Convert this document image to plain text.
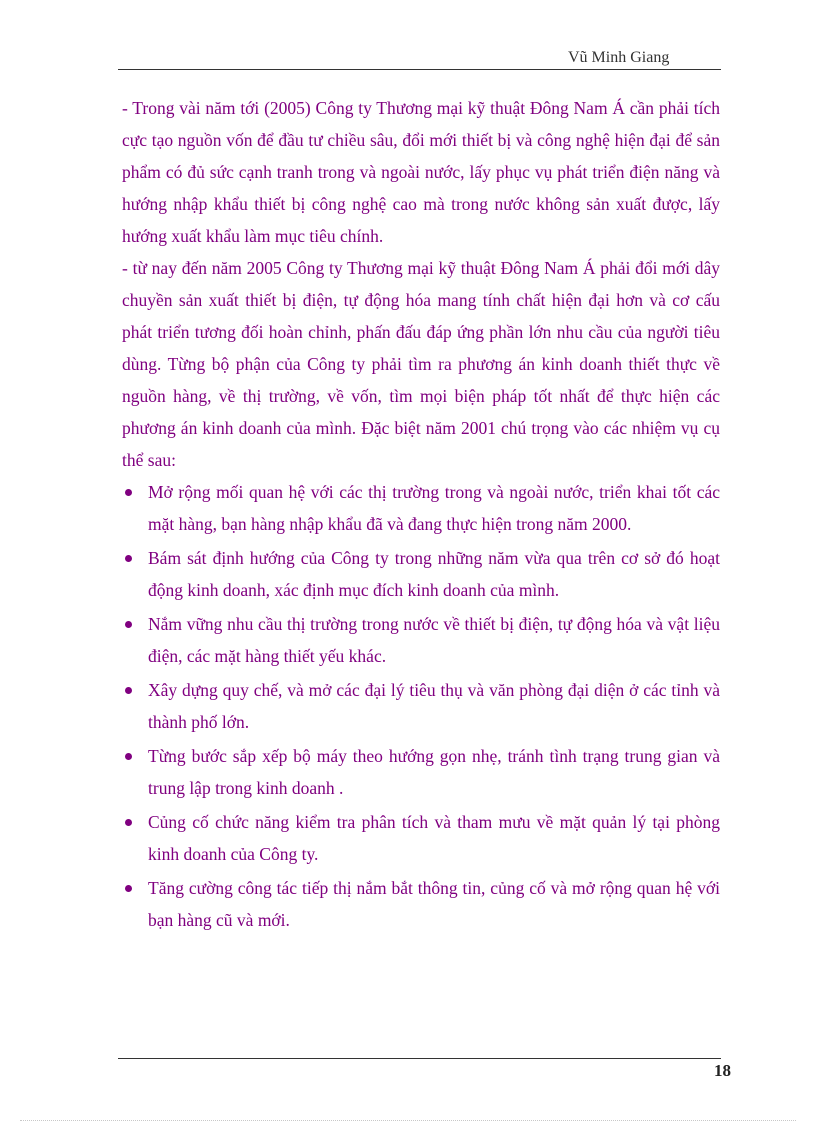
Vũ Minh Giang

- Trong vài năm tới (2005) Công ty Thương mại kỹ thuật Đông Nam Á cần phải tích cực tạo nguồn vốn để đầu tư chiều sâu, đổi mới thiết bị và công nghệ hiện đại để sản phẩm có đủ sức cạnh tranh trong và ngoài nước, lấy phục vụ phát triển điện năng và hướng nhập khẩu thiết bị công nghệ cao mà trong nước không sản xuất được, lấy hướng xuất khẩu làm mục tiêu chính.

- từ nay đến năm 2005 Công ty Thương mại kỹ thuật Đông Nam Á phải đổi mới dây chuyền sản xuất thiết bị điện, tự động hóa mang tính chất hiện đại hơn và cơ cấu phát triển tương đối hoàn chỉnh, phấn đấu đáp ứng phần lớn nhu cầu của người tiêu dùng. Từng bộ phận của Công ty phải tìm ra phương án kinh doanh thiết thực về nguồn hàng, về thị trường, về vốn, tìm mọi biện pháp tốt nhất để thực hiện các phương án kinh doanh của mình. Đặc biệt năm 2001 chú trọng vào các nhiệm vụ cụ thể sau:

Mở rộng mối quan hệ với các thị trường trong và ngoài nước, triển khai tốt các mặt hàng, bạn hàng nhập khẩu đã và đang thực hiện trong năm 2000.
Bám sát định hướng của Công ty trong những năm vừa qua trên cơ sở đó hoạt động kinh doanh, xác định mục đích kinh doanh của mình.
Nắm vững nhu cầu thị trường trong nước về thiết bị điện, tự động hóa và vật liệu điện, các mặt hàng thiết yếu khác.
Xây dựng quy chế, và mở các đại lý tiêu thụ và văn phòng đại diện ở các tỉnh và thành phố lớn.
Từng bước sắp xếp bộ máy theo hướng gọn nhẹ, tránh tình trạng trung gian và trung lập trong kinh doanh .
Củng cố chức năng kiểm tra phân tích và tham mưu về mặt quản lý tại phòng kinh doanh của Công ty.
Tăng cường công tác tiếp thị nắm bắt thông tin, củng cố và mở rộng quan hệ với bạn hàng cũ và mới.
18
